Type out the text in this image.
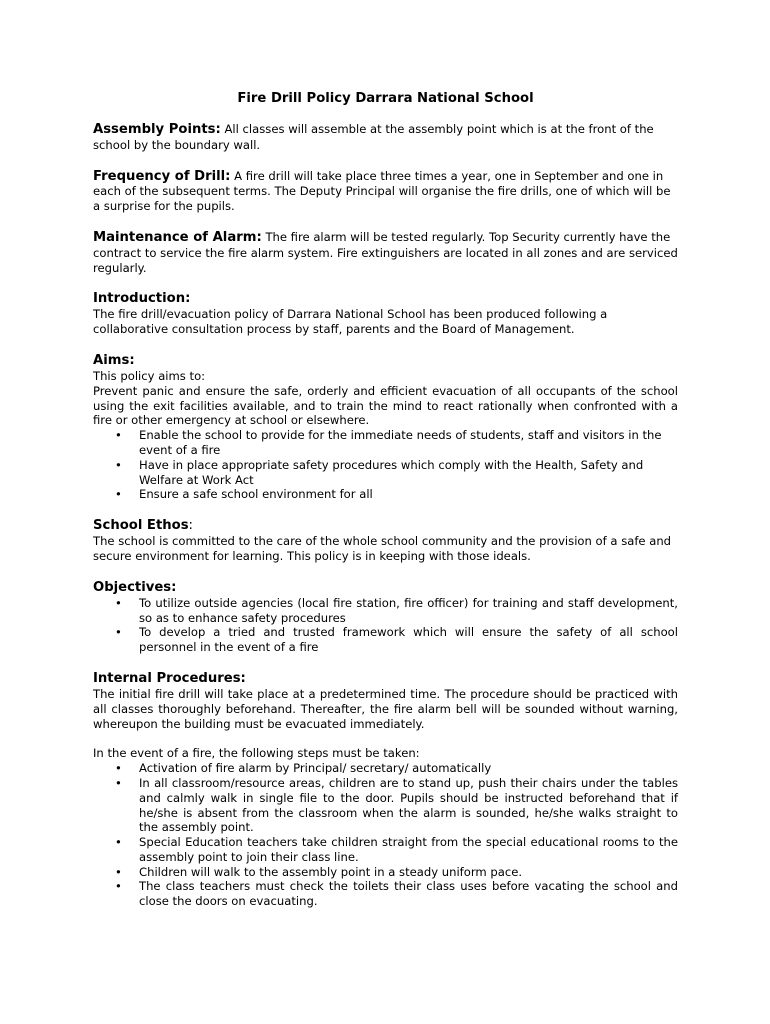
Fire Drill Policy Darrara National School

Assembly Points: All classes will assemble at the assembly point which is at the front of the school by the boundary wall.

Frequency of Drill: A fire drill will take place three times a year, one in September and one in each of the subsequent terms. The Deputy Principal will organise the fire drills, one of which will be a surprise for the pupils.

Maintenance of Alarm: The fire alarm will be tested regularly. Top Security currently have the contract to service the fire alarm system. Fire extinguishers are located in all zones and are serviced regularly.

Introduction:

The fire drill/evacuation policy of Darrara National School has been produced following a collaborative consultation process by staff, parents and the Board of Management.

Aims:

This policy aims to:

Prevent panic and ensure the safe, orderly and efficient evacuation of all occupants of the school using the exit facilities available, and to train the mind to react rationally when confronted with a fire or other emergency at school or elsewhere.

• Enable the school to provide for the immediate needs of students, staff and visitors in the event of a fire
• Have in place appropriate safety procedures which comply with the Health, Safety and Welfare at Work Act
• Ensure a safe school environment for all

School Ethos:

The school is committed to the care of the whole school community and the provision of a safe and secure environment for learning. This policy is in keeping with those ideals.

Objectives:

• To utilize outside agencies (local fire station, fire officer) for training and staff development, so as to enhance safety procedures
• To develop a tried and trusted framework which will ensure the safety of all school personnel in the event of a fire

Internal Procedures:

The initial fire drill will take place at a predetermined time. The procedure should be practiced with all classes thoroughly beforehand. Thereafter, the fire alarm bell will be sounded without warning, whereupon the building must be evacuated immediately.

In the event of a fire, the following steps must be taken:

• Activation of fire alarm by Principal/ secretary/ automatically
• In all classroom/resource areas, children are to stand up, push their chairs under the tables and calmly walk in single file to the door. Pupils should be instructed beforehand that if he/she is absent from the classroom when the alarm is sounded, he/she walks straight to the assembly point.
• Special Education teachers take children straight from the special educational rooms to the assembly point to join their class line.
• Children will walk to the assembly point in a steady uniform pace.
• The class teachers must check the toilets their class uses before vacating the school and close the doors on evacuating.
